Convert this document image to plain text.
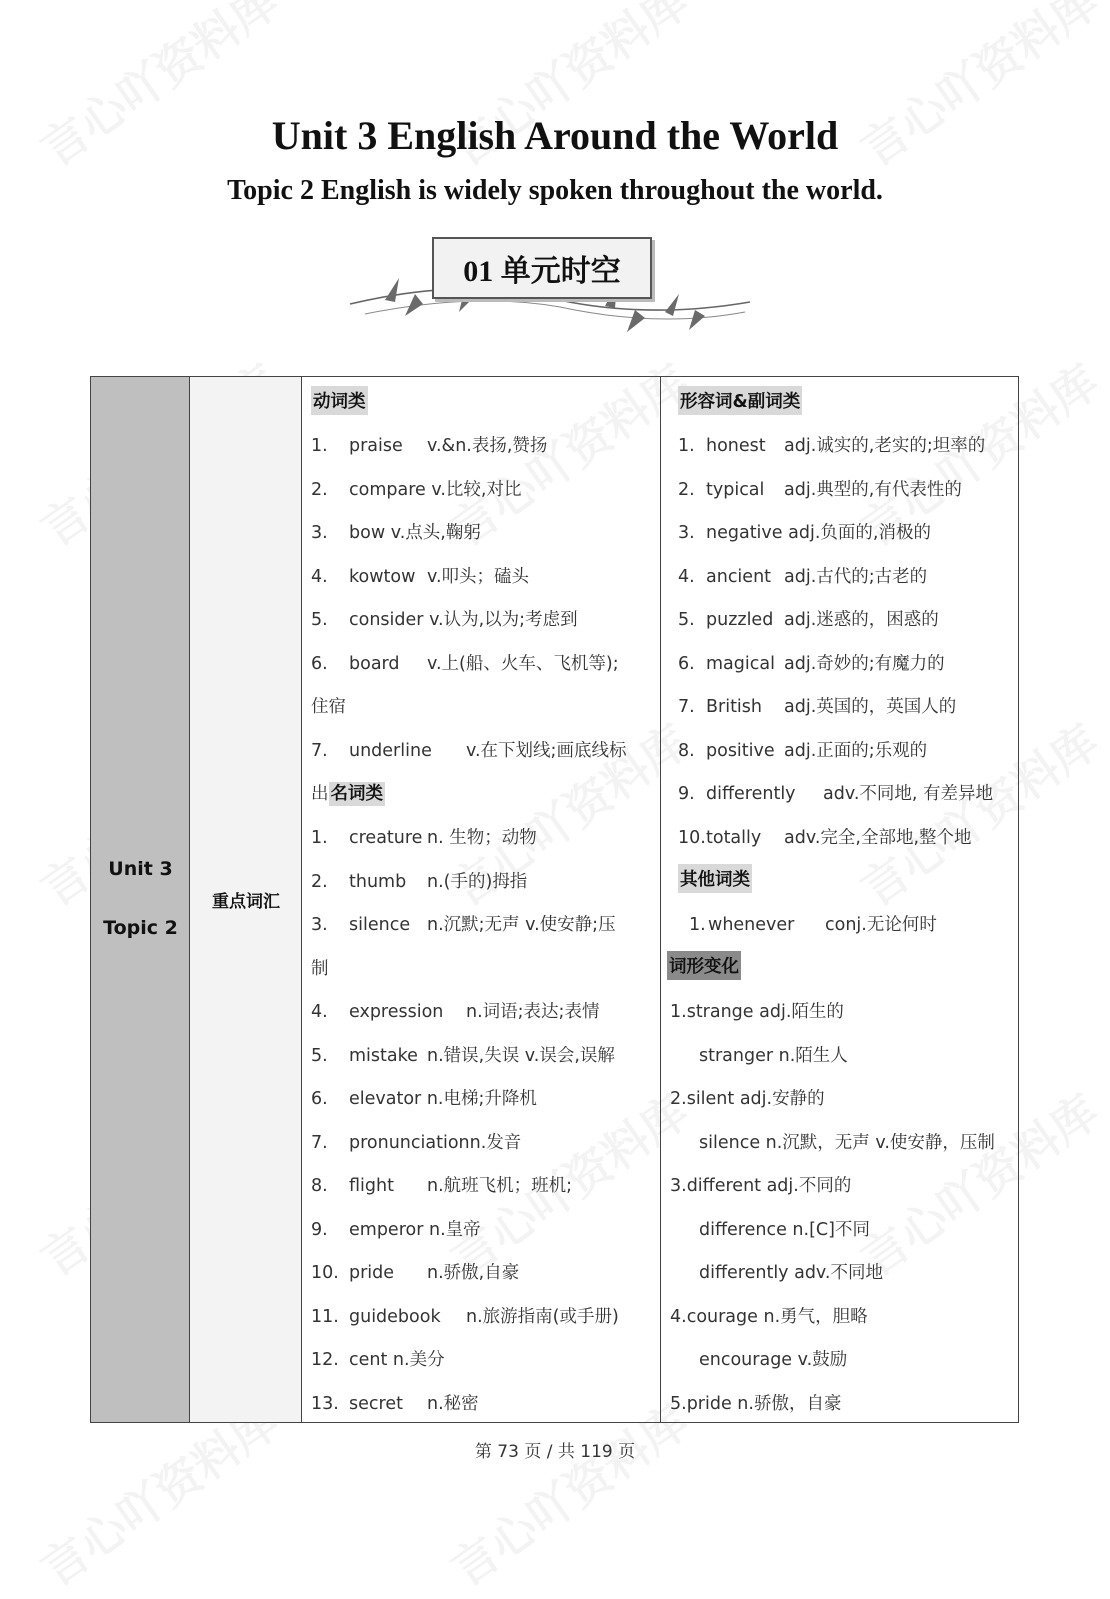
Unit 3 English Around the World
Topic 2 English is widely spoken throughout the world.
01 单元时空
Unit 3
Topic 2
重点词汇
动词类
1. praise v.&n.表扬,赞扬
2. compare v.比较,对比
3. bow v.点头,鞠躬
4. kowtow v.叩头；磕头
5. consider v.认为,以为;考虑到
6. board v.上(船、火车、飞机等);
住宿
7. underline v.在下划线;画底线标
出 名词类
1. creature n. 生物；动物
2. thumb n.(手的)拇指
3. silence n.沉默;无声 v.使安静;压
制
4. expression n.词语;表达;表情
5. mistake n.错误,失误 v.误会,误解
6. elevator n.电梯;升降机
7. pronunciationn.发音
8. flight n.航班飞机；班机;
9. emperor n.皇帝
10. pride n.骄傲,自豪
11. guidebook n.旅游指南(或手册)
12. cent n.美分
13. secret n.秘密
形容词&副词类
1. honest adj.诚实的,老实的;坦率的
2. typical adj.典型的,有代表性的
3. negative adj.负面的,消极的
4. ancient adj.古代的;古老的
5. puzzled adj.迷惑的，困惑的
6. magical adj.奇妙的;有魔力的
7. British adj.英国的，英国人的
8. positive adj.正面的;乐观的
9. differently adv.不同地, 有差异地
10.totally adv.完全,全部地,整个地
其他词类
1. whenever conj.无论何时
词形变化
1.strange adj.陌生的
stranger n.陌生人
2.silent adj.安静的
silence n.沉默，无声 v.使安静，压制
3.different adj.不同的
difference n.[C]不同
differently adv.不同地
4.courage n.勇气，胆略
encourage v.鼓励
5.pride n.骄傲，自豪
第 73 页 / 共 119 页
